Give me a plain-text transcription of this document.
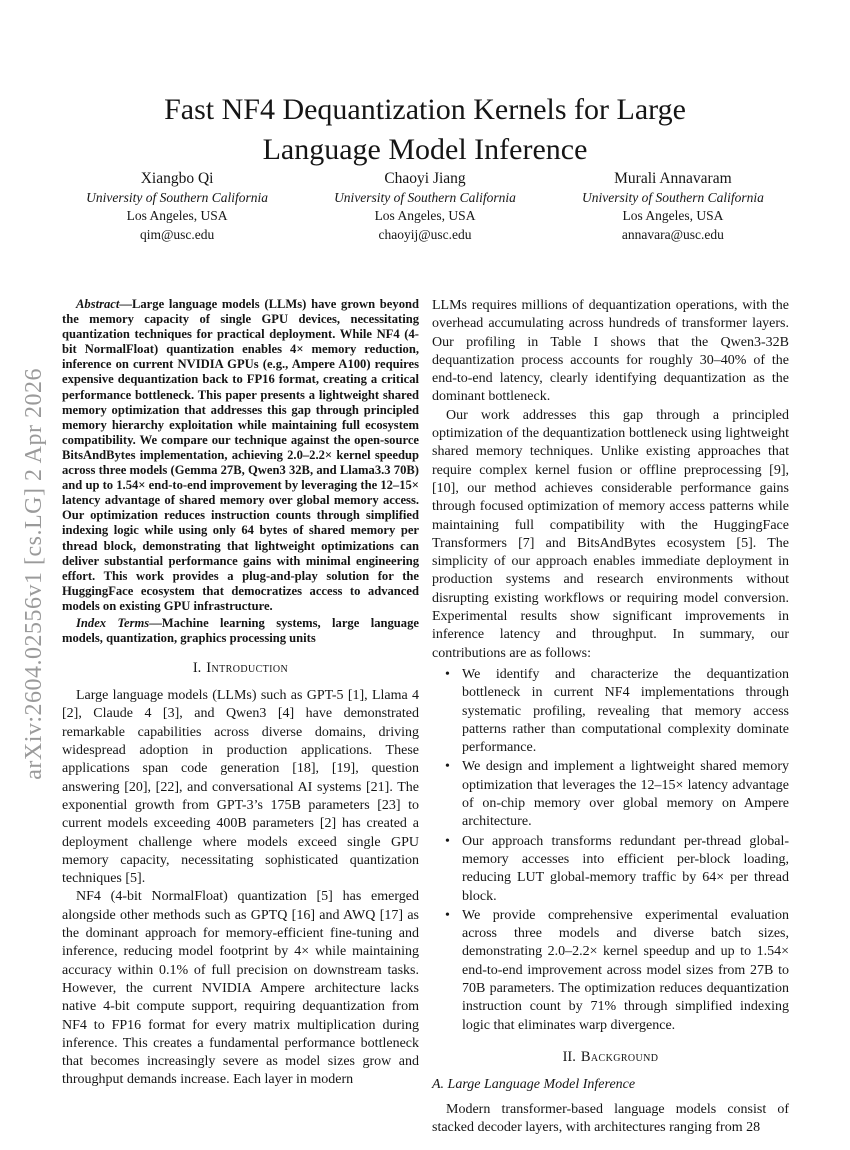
arXiv:2604.02556v1 [cs.LG] 2 Apr 2026
Fast NF4 Dequantization Kernels for Large
Language Model Inference
Xiangbo Qi
University of Southern California
Los Angeles, USA
qim@usc.edu
Chaoyi Jiang
University of Southern California
Los Angeles, USA
chaoyij@usc.edu
Murali Annavaram
University of Southern California
Los Angeles, USA
annavara@usc.edu

Abstract—Large language models (LLMs) have grown beyond the memory capacity of single GPU devices, necessitating quantization techniques for practical deployment. While NF4 (4-bit NormalFloat) quantization enables 4× memory reduction, inference on current NVIDIA GPUs (e.g., Ampere A100) requires expensive dequantization back to FP16 format, creating a critical performance bottleneck. This paper presents a lightweight shared memory optimization that addresses this gap through principled memory hierarchy exploitation while maintaining full ecosystem compatibility. We compare our technique against the open-source BitsAndBytes implementation, achieving 2.0–2.2× kernel speedup across three models (Gemma 27B, Qwen3 32B, and Llama3.3 70B) and up to 1.54× end-to-end improvement by leveraging the 12–15× latency advantage of shared memory over global memory access. Our optimization reduces instruction counts through simplified indexing logic while using only 64 bytes of shared memory per thread block, demonstrating that lightweight optimizations can deliver substantial performance gains with minimal engineering effort. This work provides a plug-and-play solution for the HuggingFace ecosystem that democratizes access to advanced models on existing GPU infrastructure.

Index Terms—Machine learning systems, large language models, quantization, graphics processing units

I. Introduction

Large language models (LLMs) such as GPT-5 [1], Llama 4 [2], Claude 4 [3], and Qwen3 [4] have demonstrated remarkable capabilities across diverse domains, driving widespread adoption in production applications. These applications span code generation [18], [19], question answering [20], [22], and conversational AI systems [21]. The exponential growth from GPT-3’s 175B parameters [23] to current models exceeding 400B parameters [2] has created a deployment challenge where models exceed single GPU memory capacity, necessitating sophisticated quantization techniques [5].

NF4 (4-bit NormalFloat) quantization [5] has emerged alongside other methods such as GPTQ [16] and AWQ [17] as the dominant approach for memory-efficient fine-tuning and inference, reducing model footprint by 4× while maintaining accuracy within 0.1% of full precision on downstream tasks. However, the current NVIDIA Ampere architecture lacks native 4-bit compute support, requiring dequantization from NF4 to FP16 format for every matrix multiplication during inference. This creates a fundamental performance bottleneck that becomes increasingly severe as model sizes grow and throughput demands increase. Each layer in modern

LLMs requires millions of dequantization operations, with the overhead accumulating across hundreds of transformer layers. Our profiling in Table I shows that the Qwen3-32B dequantization process accounts for roughly 30–40% of the end-to-end latency, clearly identifying dequantization as the dominant bottleneck.

Our work addresses this gap through a principled optimization of the dequantization bottleneck using lightweight shared memory techniques. Unlike existing approaches that require complex kernel fusion or offline preprocessing [9], [10], our method achieves considerable performance gains through focused optimization of memory access patterns while maintaining full compatibility with the HuggingFace Transformers [7] and BitsAndBytes ecosystem [5]. The simplicity of our approach enables immediate deployment in production systems and research environments without disrupting existing workflows or requiring model conversion. Experimental results show significant improvements in inference latency and throughput. In summary, our contributions are as follows:

• We identify and characterize the dequantization bottleneck in current NF4 implementations through systematic profiling, revealing that memory access patterns rather than computational complexity dominate performance.
• We design and implement a lightweight shared memory optimization that leverages the 12–15× latency advantage of on-chip memory over global memory on Ampere architecture.
• Our approach transforms redundant per-thread global-memory accesses into efficient per-block loading, reducing LUT global-memory traffic by 64× per thread block.
• We provide comprehensive experimental evaluation across three models and diverse batch sizes, demonstrating 2.0–2.2× kernel speedup and up to 1.54× end-to-end improvement across model sizes from 27B to 70B parameters. The optimization reduces dequantization instruction count by 71% through simplified indexing logic that eliminates warp divergence.
II. Background
A. Large Language Model Inference

Modern transformer-based language models consist of stacked decoder layers, with architectures ranging from 28
